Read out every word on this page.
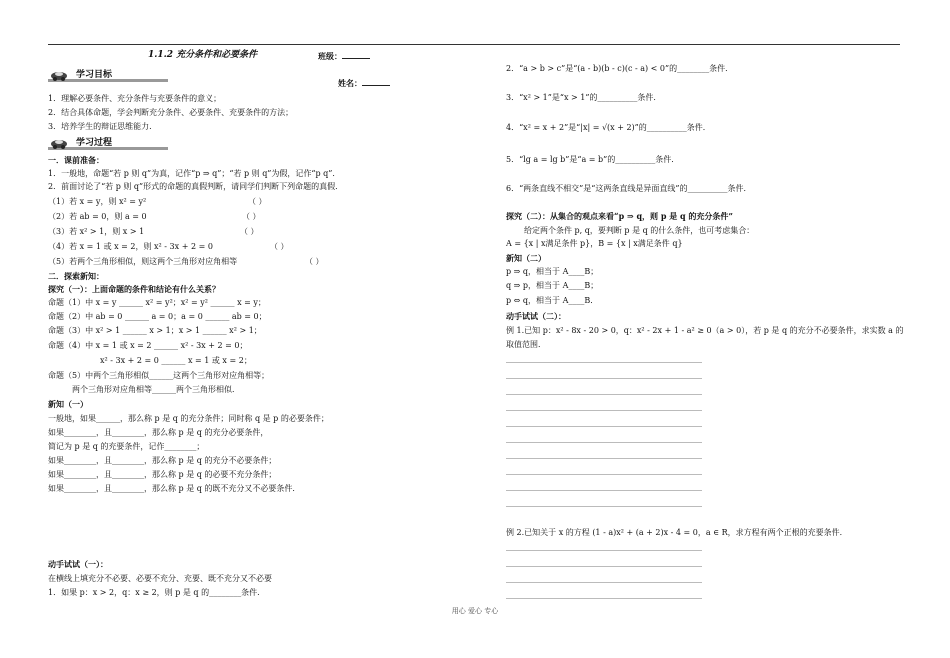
1.1.2 充分条件和必要条件	班级：
学习目标
姓名：
1．理解必要条件、充分条件与充要条件的意义；
2．结合具体命题，学会判断充分条件、必要条件、充要条件的方法；
3．培养学生的辩证思维能力.
学习过程
一．课前准备：
1．一般地，命题“若 p 则 q”为真，记作“p ⇒ q”；“若 p 则 q”为假，记作“p q”．
2．前面讨论了“若 p 则 q”形式的命题的真假判断，请同学们判断下列命题的真假．
（1）若 x = y，则 x² = y²	（ ）
（2）若 ab = 0，则 a = 0	（ ）
（3）若 x² > 1，则 x > 1	（ ）
（4）若 x = 1 或 x = 2，则 x² - 3x + 2 = 0	（ ）
（5）若两个三角形相似，则这两个三角形对应角相等	（ ）
二．探索新知：
探究（一）：上面命题的条件和结论有什么关系？
命题（1）中 x = y ______ x² = y²；x² = y² ______ x = y；
命题（2）中 ab = 0 ______ a = 0；a = 0 ______ ab = 0；
命题（3）中 x² > 1 ______ x > 1；x > 1 ______ x² > 1；
命题（4）中 x = 1 或 x = 2 ______ x² - 3x + 2 = 0；
x² - 3x + 2 = 0 ______ x = 1 或 x = 2；
命题（5）中两个三角形相似______这两个三角形对应角相等；
两个三角形对应角相等______两个三角形相似．
新知（一）
一般地，如果______，那么称 p 是 q 的充分条件；同时称 q 是 p 的必要条件；
如果________，且________，那么称 p 是 q 的充分必要条件，
简记为 p 是 q 的充要条件，记作________；
如果________，且________，那么称 p 是 q 的充分不必要条件；
如果________，且________，那么称 p 是 q 的必要不充分条件；
如果________，且________，那么称 p 是 q 的既不充分又不必要条件．
动手试试（一）：
在横线上填充分不必要、必要不充分、充要、既不充分又不必要
1．如果 p：x > 2，q：x ≥ 2，则 p 是 q 的________条件.
2．“a > b > c”是“(a - b)(b - c)(c - a) < 0”的________条件．
3．“x² > 1”是“x > 1”的__________条件．
4．“x² = x + 2”是“|x| = √(x + 2)”的__________条件．
5．“lg a = lg b”是“a = b”的__________条件．
6．“两条直线不相交”是“这两条直线是异面直线”的__________条件．
探究（二）：从集合的观点来看“p ⇒ q，则 p 是 q 的充分条件”
给定两个条件 p, q，要判断 p 是 q 的什么条件，也可考虑集合：
A = {x | x满足条件 p}，B = {x | x满足条件 q}
新知（二）
p ⇒ q，相当于 A____B；
q ⇒ p，相当于 A____B；
p ⇔ q，相当于 A____B．
动手试试（二）：
例 1.已知 p：x² - 8x - 20 > 0，q：x² - 2x + 1 - a² ≥ 0（a > 0），若 p 是 q 的充分不必要条件，求实数 a 的
取值范围．
例 2.已知关于 x 的方程 (1 - a)x² + (a + 2)x - 4 = 0，a ∈ R，求方程有两个正根的充要条件．
用心 爱心 专心
